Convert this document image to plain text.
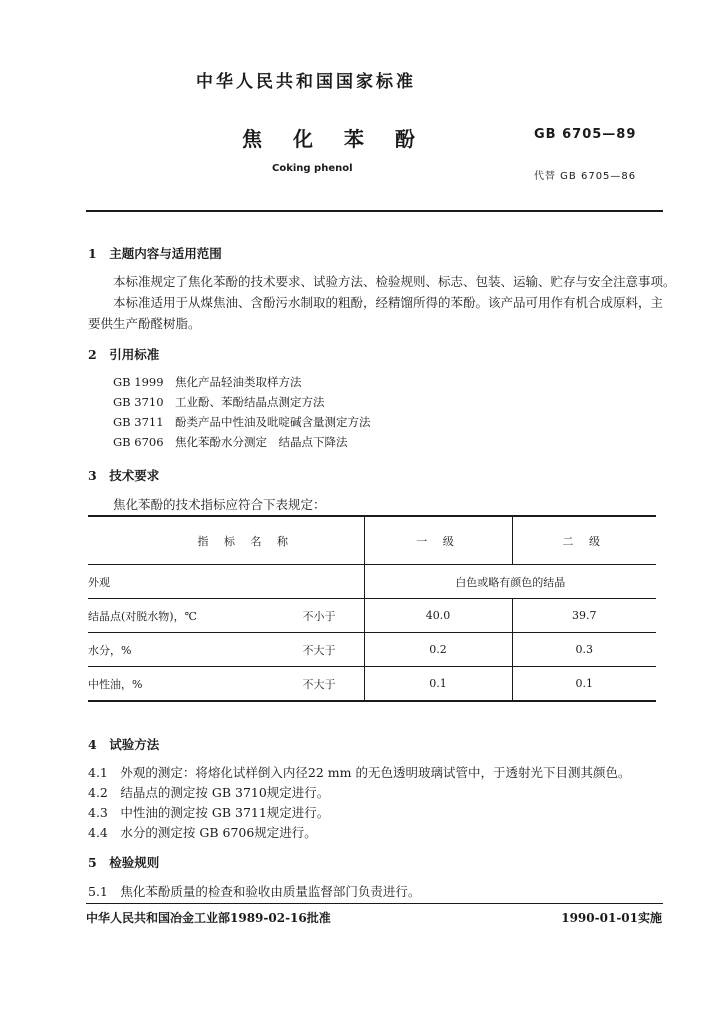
中华人民共和国国家标准
焦 化 苯 酚	GB 6705—89
Coking phenol
代替 GB 6705—86
1　主题内容与适用范围
本标准规定了焦化苯酚的技术要求、试验方法、检验规则、标志、包装、运输、贮存与安全注意事项。
本标准适用于从煤焦油、含酚污水制取的粗酚，经精馏所得的苯酚。该产品可用作有机合成原料，主
要供生产酚醛树脂。
2　引用标准
GB 1999　焦化产品轻油类取样方法
GB 3710　工业酚、苯酚结晶点测定方法
GB 3711　酚类产品中性油及吡啶碱含量测定方法
GB 6706　焦化苯酚水分测定　结晶点下降法
3　技术要求
焦化苯酚的技术指标应符合下表规定：
指 标 名 称	一 级	二 级
外观	白色或略有颜色的结晶	
结晶点(对脱水物)，℃ 不小于	40.0	39.7
水分，% 不大于	0.2	0.3
中性油，% 不大于	0.1	0.1
4　试验方法
4.1　外观的测定：将熔化试样倒入内径22 mm 的无色透明玻璃试管中，于透射光下目测其颜色。
4.2　结晶点的测定按 GB 3710规定进行。
4.3　中性油的测定按 GB 3711规定进行。
4.4　水分的测定按 GB 6706规定进行。
5　检验规则
5.1　焦化苯酚质量的检查和验收由质量监督部门负责进行。
中华人民共和国冶金工业部1989-02-16批准	1990-01-01实施
